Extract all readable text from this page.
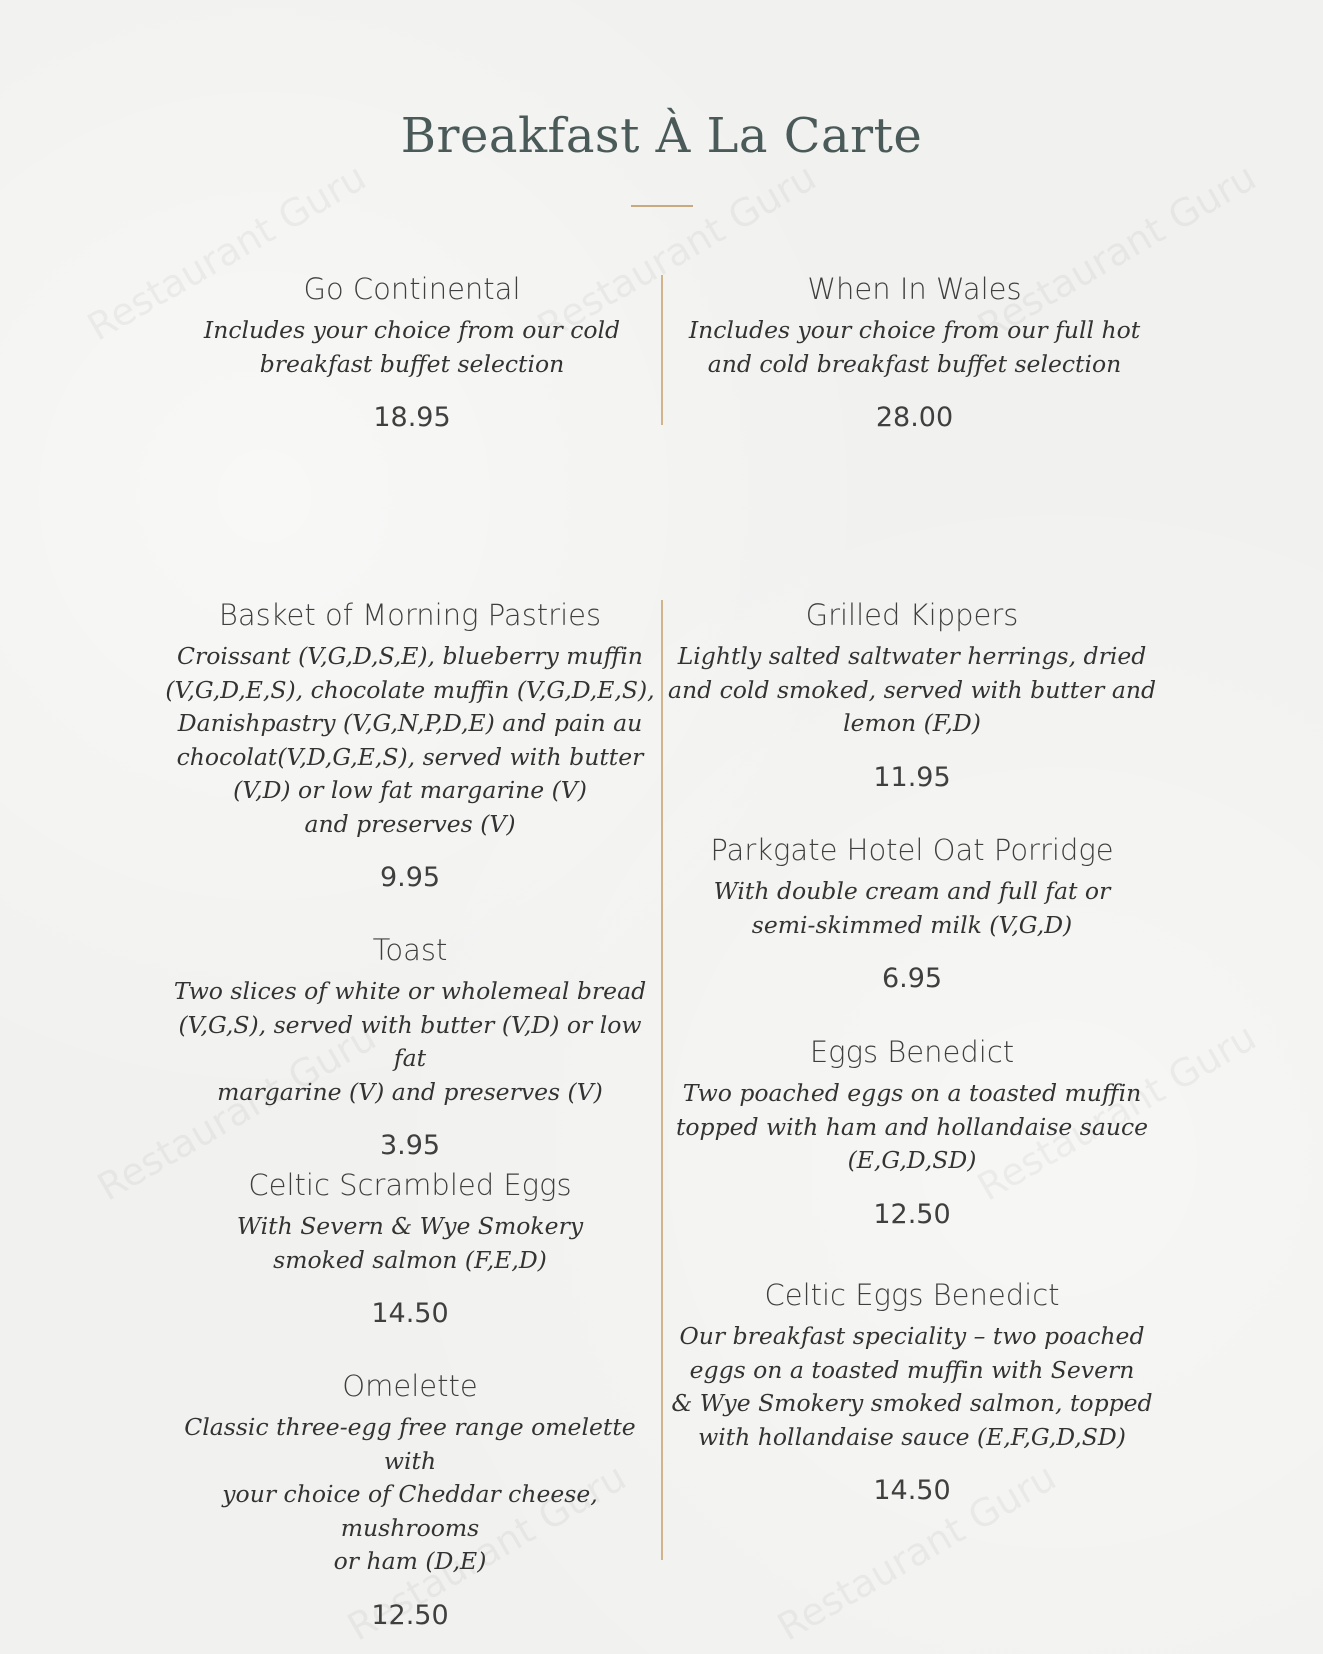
Breakfast À La Carte
Go Continental
Includes your choice from our cold
breakfast buffet selection
18.95
When In Wales
Includes your choice from our full hot
and cold breakfast buffet selection
28.00
Basket of Morning Pastries
Croissant (V,G,D,S,E), blueberry muffin
(V,G,D,E,S), chocolate muffin (V,G,D,E,S),
Danishpastry (V,G,N,P,D,E) and pain au
chocolat(V,D,G,E,S), served with butter
(V,D) or low fat margarine (V)
and preserves (V)
9.95
Toast
Two slices of white or wholemeal bread
(V,G,S), served with butter (V,D) or low fat
margarine (V) and preserves (V)
3.95
Celtic Scrambled Eggs
With Severn & Wye Smokery
smoked salmon (F,E,D)
14.50
Omelette
Classic three-egg free range omelette with
your choice of Cheddar cheese, mushrooms
or ham (D,E)
12.50
Grilled Kippers
Lightly salted saltwater herrings, dried
and cold smoked, served with butter and
lemon (F,D)
11.95
Parkgate Hotel Oat Porridge
With double cream and full fat or
semi-skimmed milk (V,G,D)
6.95
Eggs Benedict
Two poached eggs on a toasted muffin
topped with ham and hollandaise sauce
(E,G,D,SD)
12.50
Celtic Eggs Benedict
Our breakfast speciality – two poached
eggs on a toasted muffin with Severn
& Wye Smokery smoked salmon, topped
with hollandaise sauce (E,F,G,D,SD)
14.50
